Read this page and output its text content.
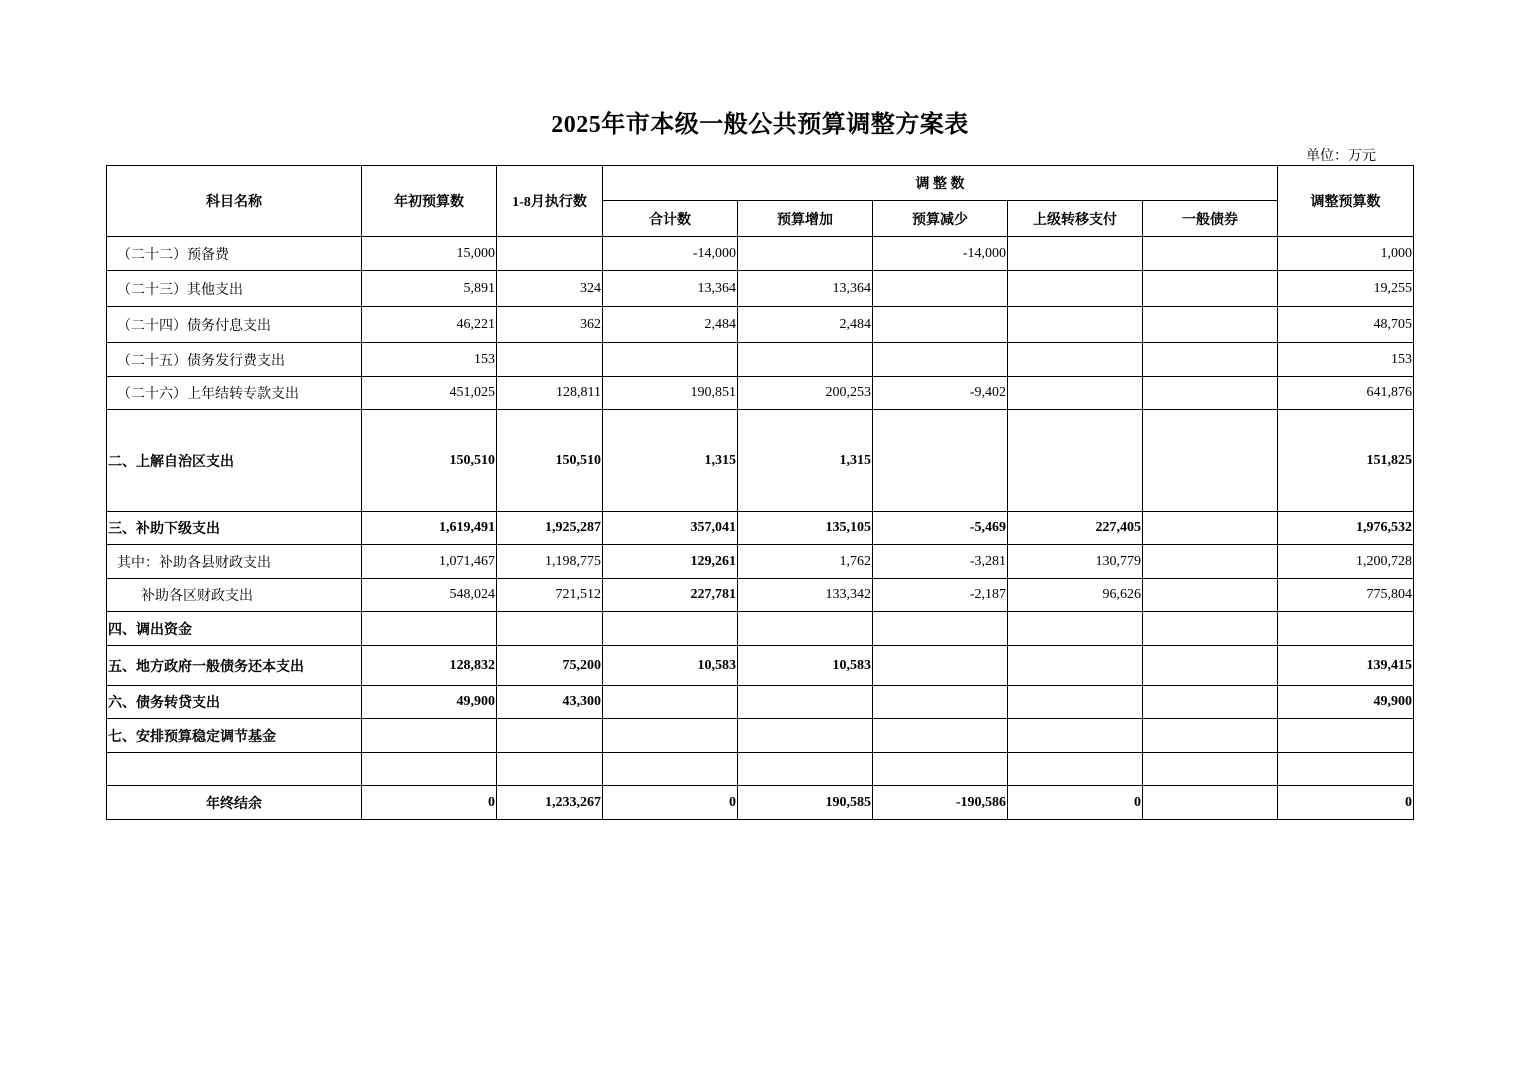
2025年市本级一般公共预算调整方案表
单位：万元
科目名称	年初预算数	1-8月执行数	调 整 数					调整预算数
			合计数	预算增加	预算减少	上级转移支付	一般债券	
（二十二）预备费	15,000		-14,000		-14,000			1,000
（二十三）其他支出	5,891	324	13,364	13,364				19,255
（二十四）债务付息支出	46,221	362	2,484	2,484				48,705
（二十五）债务发行费支出	153							153
（二十六）上年结转专款支出	451,025	128,811	190,851	200,253	-9,402			641,876
二、上解自治区支出	150,510	150,510	1,315	1,315				151,825
三、补助下级支出	1,619,491	1,925,287	357,041	135,105	-5,469	227,405		1,976,532
其中：补助各县财政支出	1,071,467	1,198,775	129,261	1,762	-3,281	130,779		1,200,728
补助各区财政支出	548,024	721,512	227,781	133,342	-2,187	96,626		775,804
四、调出资金								
五、地方政府一般债务还本支出	128,832	75,200	10,583	10,583				139,415
六、债务转贷支出	49,900	43,300						49,900
七、安排预算稳定调节基金								

年终结余	0	1,233,267	0	190,585	-190,586	0		0
